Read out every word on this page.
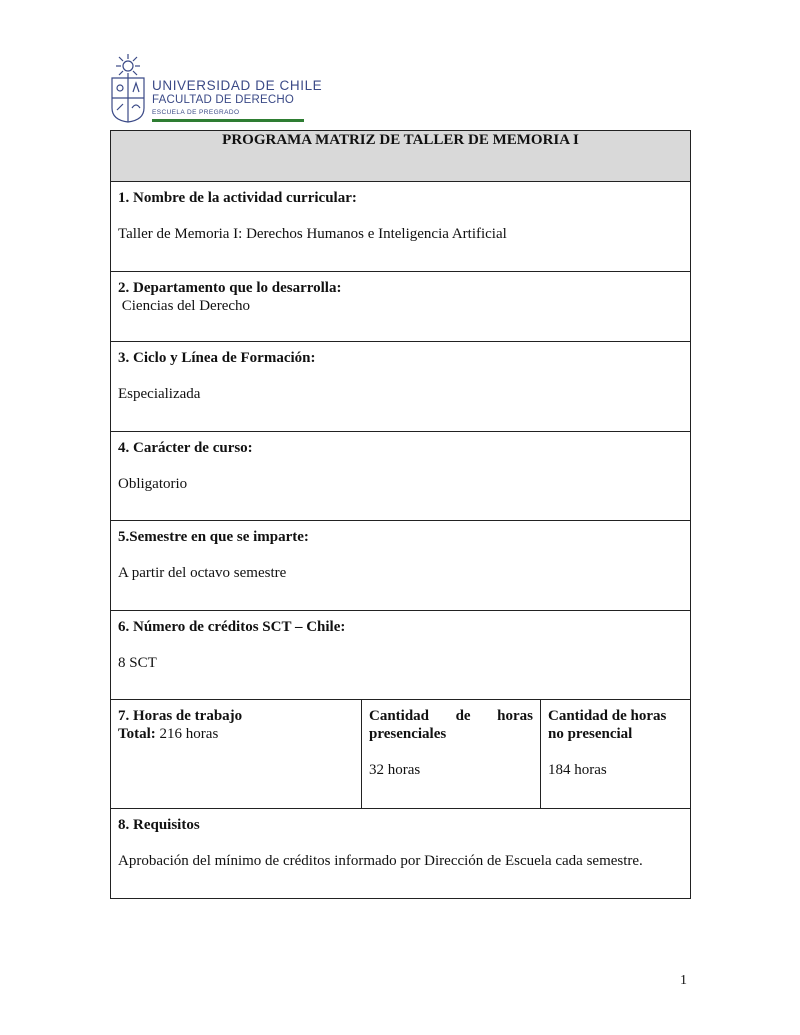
UNIVERSIDAD DE CHILE
FACULTAD DE DERECHO
ESCUELA DE PREGRADO
PROGRAMA MATRIZ DE TALLER DE MEMORIA I
1. Nombre de la actividad curricular:
Taller de Memoria I: Derechos Humanos e Inteligencia Artificial
2. Departamento que lo desarrolla:
Ciencias del Derecho
3. Ciclo y Línea de Formación:
Especializada
4. Carácter de curso:
Obligatorio
5.Semestre en que se imparte:
A partir del octavo semestre
6. Número de créditos SCT – Chile:
8 SCT
7. Horas de trabajo
Total: 216 horas	
Cantidad de horas
presenciales
32 horas

Cantidad de horas
no presencial
184 horas

8. Requisitos
Aprobación del mínimo de créditos informado por Dirección de Escuela cada semestre.
1
